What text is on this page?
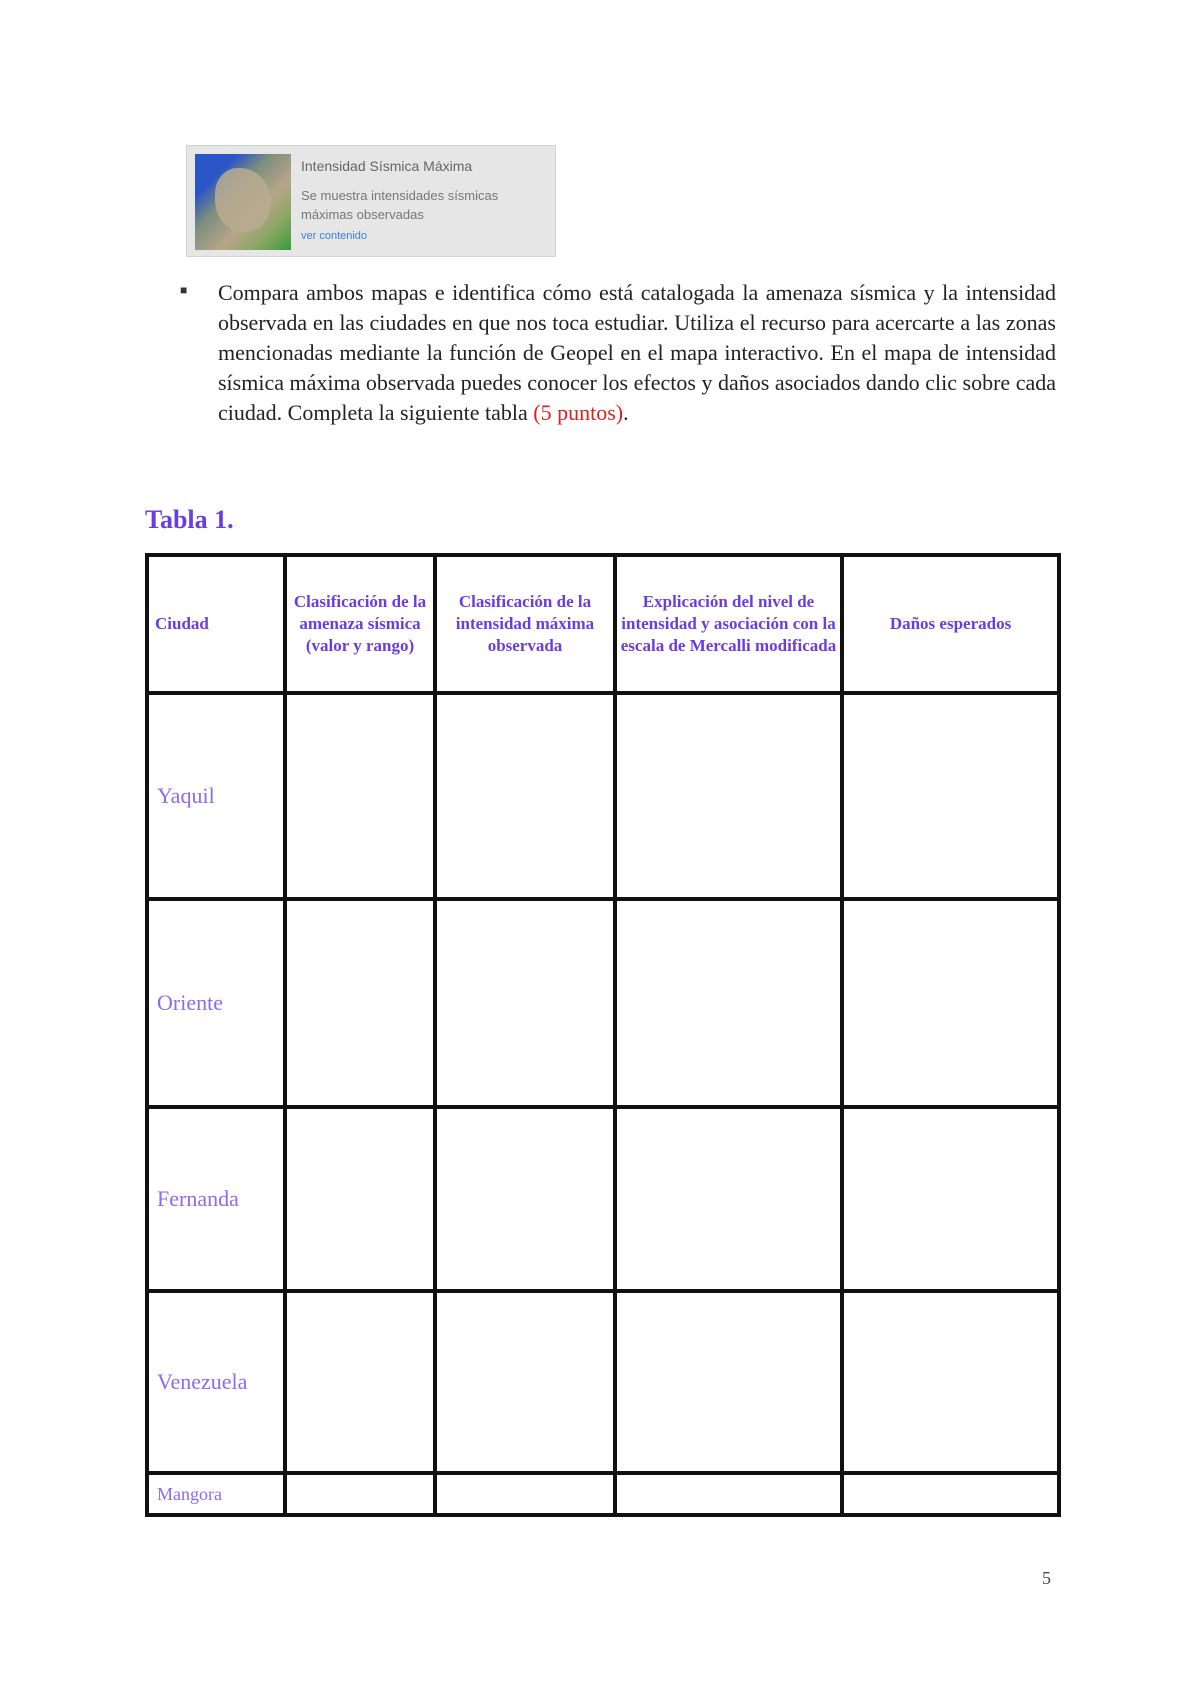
Intensidad Sísmica Máxima
Se muestra intensidades sísmicas máximas observadas
ver contenido
■ Compara ambos mapas e identifica cómo está catalogada la amenaza sísmica y la intensidad observada en las ciudades en que nos toca estudiar. Utiliza el recurso para acercarte a las zonas mencionadas mediante la función de Geopel en el mapa interactivo. En el mapa de intensidad sísmica máxima observada puedes conocer los efectos y daños asociados dando clic sobre cada ciudad. Completa la siguiente tabla (5 puntos).

Tabla 1.

Ciudad	Clasificación de la amenaza sísmica (valor y rango)	Clasificación de la intensidad máxima observada	Explicación del nivel de intensidad y asociación con la escala de Mercalli modificada	Daños esperados
Yaquil				
Oriente				
Fernanda				
Venezuela				
Mangora				
5
